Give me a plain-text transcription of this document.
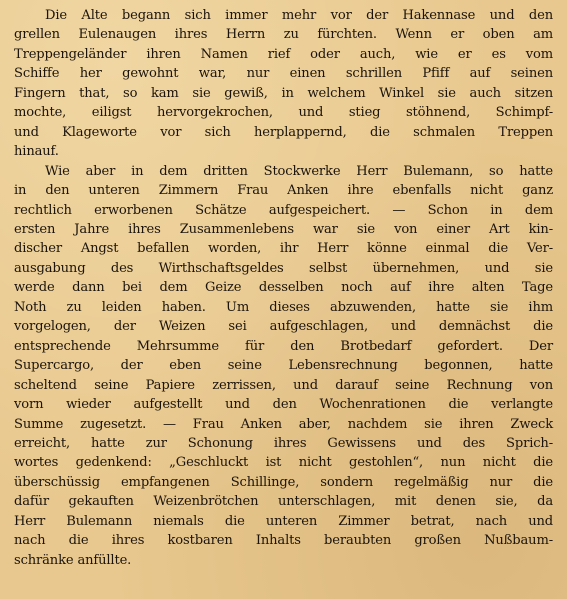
Die Alte begann sich immer mehr vor der Hakennase und den
grellen Eulenaugen ihres Herrn zu fürchten. Wenn er oben am
Treppengeländer ihren Namen rief oder auch, wie er es vom
Schiffe her gewohnt war, nur einen schrillen Pfiff auf seinen
Fingern that, so kam sie gewiß, in welchem Winkel sie auch sitzen
mochte, eiligst hervorgekrochen, und stieg stöhnend, Schimpf-
und Klageworte vor sich herplappernd, die schmalen Treppen
hinauf.
Wie aber in dem dritten Stockwerke Herr Bulemann, so hatte
in den unteren Zimmern Frau Anken ihre ebenfalls nicht ganz
rechtlich erworbenen Schätze aufgespeichert. — Schon in dem
ersten Jahre ihres Zusammenlebens war sie von einer Art kin-
discher Angst befallen worden, ihr Herr könne einmal die Ver-
ausgabung des Wirthschaftsgeldes selbst übernehmen, und sie
werde dann bei dem Geize desselben noch auf ihre alten Tage
Noth zu leiden haben. Um dieses abzuwenden, hatte sie ihm
vorgelogen, der Weizen sei aufgeschlagen, und demnächst die
entsprechende Mehrsumme für den Brotbedarf gefordert. Der
Supercargo, der eben seine Lebensrechnung begonnen, hatte
scheltend seine Papiere zerrissen, und darauf seine Rechnung von
vorn wieder aufgestellt und den Wochenrationen die verlangte
Summe zugesetzt. — Frau Anken aber, nachdem sie ihren Zweck
erreicht, hatte zur Schonung ihres Gewissens und des Sprich-
wortes gedenkend: „Geschluckt ist nicht gestohlen“, nun nicht die
überschüssig empfangenen Schillinge, sondern regelmäßig nur die
dafür gekauften Weizenbrötchen unterschlagen, mit denen sie, da
Herr Bulemann niemals die unteren Zimmer betrat, nach und
nach die ihres kostbaren Inhalts beraubten großen Nußbaum-
schränke anfüllte.
